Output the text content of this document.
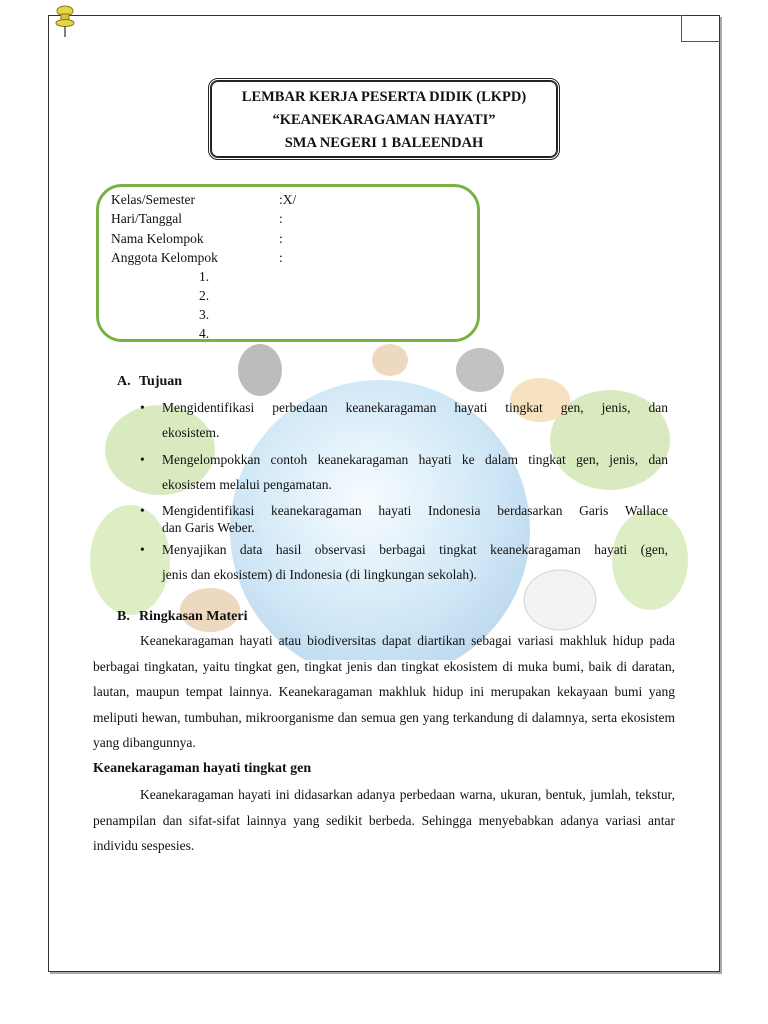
LEMBAR KERJA PESERTA DIDIK (LKPD)
“KEANEKARAGAMAN HAYATI”
SMA NEGERI 1 BALEENDAH
Kelas/Semester	:X/
Hari/Tanggal	:
Nama Kelompok	:
Anggota Kelompok	:
1.
2.
3.
4.
A. Tujuan
• Mengidentifikasi perbedaan keanekaragaman hayati tingkat gen, jenis, dan
ekosistem.
• Mengelompokkan contoh keanekaragaman hayati ke dalam tingkat gen, jenis, dan
ekosistem melalui pengamatan.
• Mengidentifikasi keanekaragaman hayati Indonesia berdasarkan Garis Wallace
dan Garis Weber.
• Menyajikan data hasil observasi berbagai tingkat keanekaragaman hayati (gen,
jenis dan ekosistem) di Indonesia (di lingkungan sekolah).
B. Ringkasan Materi
Keanekaragaman hayati atau biodiversitas dapat diartikan sebagai variasi makhluk hidup pada berbagai tingkatan, yaitu tingkat gen, tingkat jenis dan tingkat ekosistem di muka bumi, baik di daratan, lautan, maupun tempat lainnya. Keanekaragaman makhluk hidup ini merupakan kekayaan bumi yang meliputi hewan, tumbuhan, mikroorganisme dan semua gen yang terkandung di dalamnya, serta ekosistem yang dibangunnya.
Keanekaragaman hayati tingkat gen
Keanekaragaman hayati ini didasarkan adanya perbedaan warna, ukuran, bentuk, jumlah, tekstur, penampilan dan sifat-sifat lainnya yang sedikit berbeda. Sehingga menyebabkan adanya variasi antar individu sespesies.
